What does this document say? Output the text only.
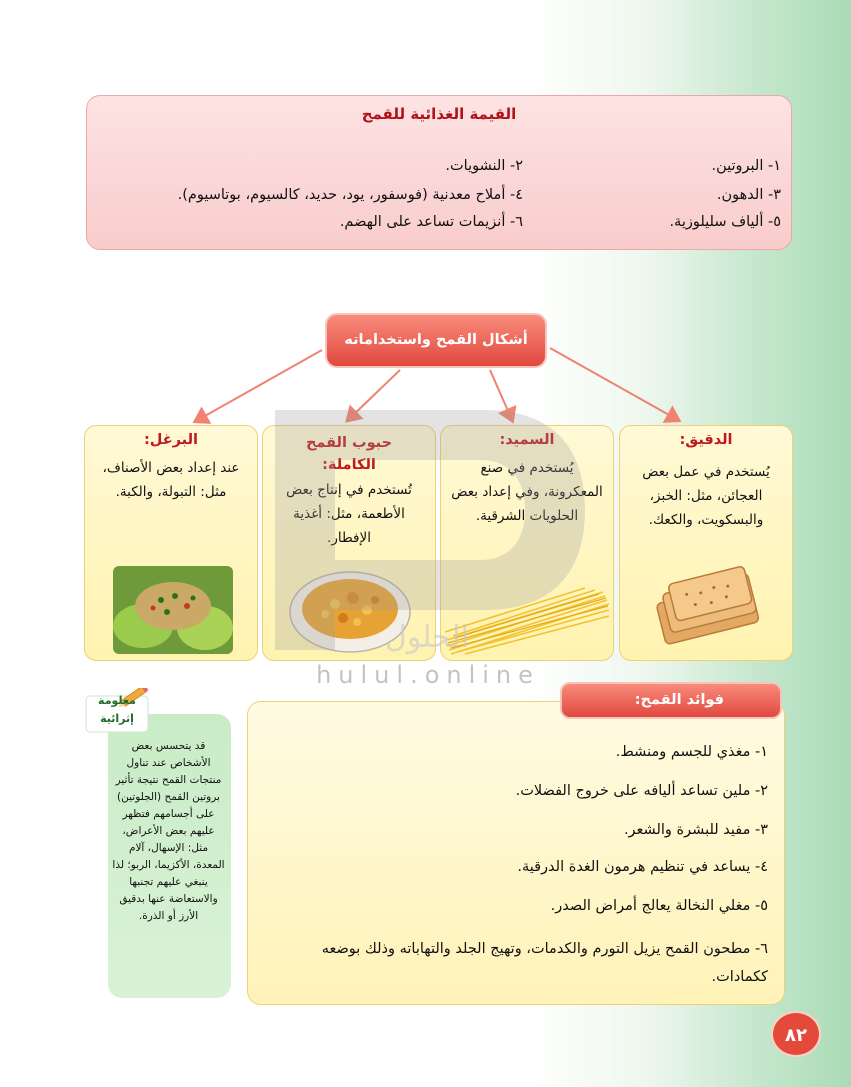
القيمة الغذائية للقمح
١- البروتين.
٢- النشويات.
٣- الدهون.
٤- أملاح معدنية (فوسفور، يود، حديد، كالسيوم، بوتاسيوم).
٥- ألياف سليلوزية.
٦- أنزيمات تساعد على الهضم.
أشكال القمح واستخداماته
الدقيق:
يُستخدم في عمل بعض العجائن، مثل: الخبز، والبسكويت، والكعك.
السميد:
يُستخدم في صنع المعكرونة، وفي إعداد بعض الحلويات الشرقية.
حبوب القمح الكاملة:
تُستخدم في إنتاج بعض الأطعمة، مثل: أغذية الإفطار.
البرغل:
عند إعداد بعض الأصناف، مثل: التبولة، والكبة.
الحلول
hulul.online
قد يتحسس بعض الأشخاص عند تناول منتجات القمح نتيجة تأثير بروتين القمح (الجلوتين) على أجسامهم فتظهر عليهم بعض الأعراض، مثل: الإسهال، آلام المعدة، الأكزيما، الربو؛ لذا ينبغي عليهم تجنبها والاستعاضة عنها بدقيق الأرز أو الذرة.
معلومة
إثرائية
١- مغذي للجسم ومنشط.
٢- ملين تساعد أليافه على خروج الفضلات.
٣- مفيد للبشرة والشعر.
٤- يساعد في تنظيم هرمون الغدة الدرقية.
٥- مغلي النخالة يعالج أمراض الصدر.
٦- مطحون القمح يزيل التورم والكدمات، وتهيج الجلد والتهاباته وذلك بوضعه ككمادات.
فوائد القمح:
٨٢
